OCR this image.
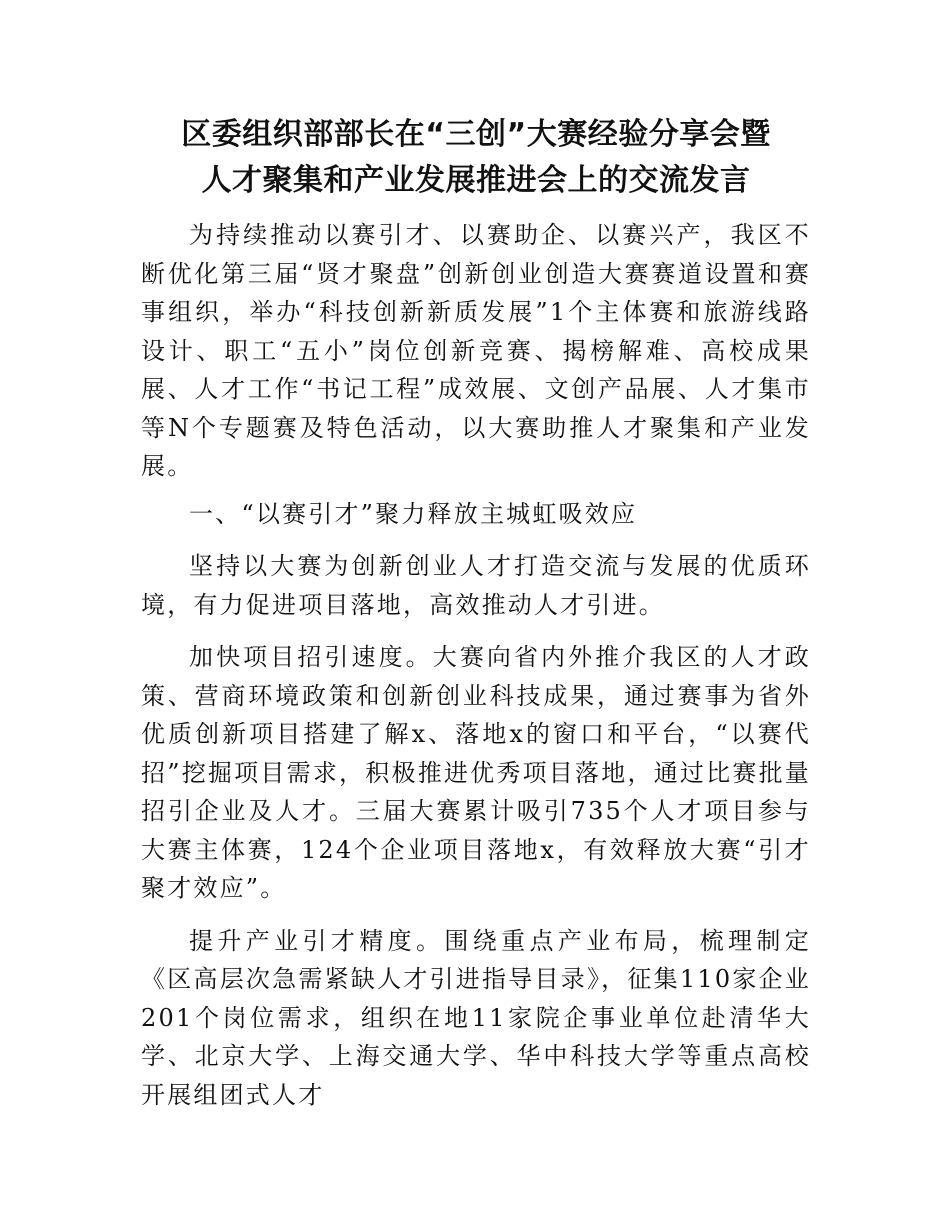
区委组织部部长在“三创”大赛经验分享会暨
人才聚集和产业发展推进会上的交流发言

为持续推动以赛引才、以赛助企、以赛兴产，我区不断优化第三届“贤才聚盘”创新创业创造大赛赛道设置和赛事组织，举办“科技创新新质发展”1个主体赛和旅游线路设计、职工“五小”岗位创新竞赛、揭榜解难、高校成果展、人才工作“书记工程”成效展、文创产品展、人才集市等N个专题赛及特色活动，以大赛助推人才聚集和产业发展。

一、“以赛引才”聚力释放主城虹吸效应

坚持以大赛为创新创业人才打造交流与发展的优质环境，有力促进项目落地，高效推动人才引进。

加快项目招引速度。大赛向省内外推介我区的人才政策、营商环境政策和创新创业科技成果，通过赛事为省外优质创新项目搭建了解x、落地x的窗口和平台，“以赛代招”挖掘项目需求，积极推进优秀项目落地，通过比赛批量招引企业及人才。三届大赛累计吸引735个人才项目参与大赛主体赛，124个企业项目落地x，有效释放大赛“引才聚才效应”。

提升产业引才精度。围绕重点产业布局，梳理制定《区高层次急需紧缺人才引进指导目录》，征集110家企业201个岗位需求，组织在地11家院企事业单位赴清华大学、北京大学、上海交通大学、华中科技大学等重点高校开展组团式人才
